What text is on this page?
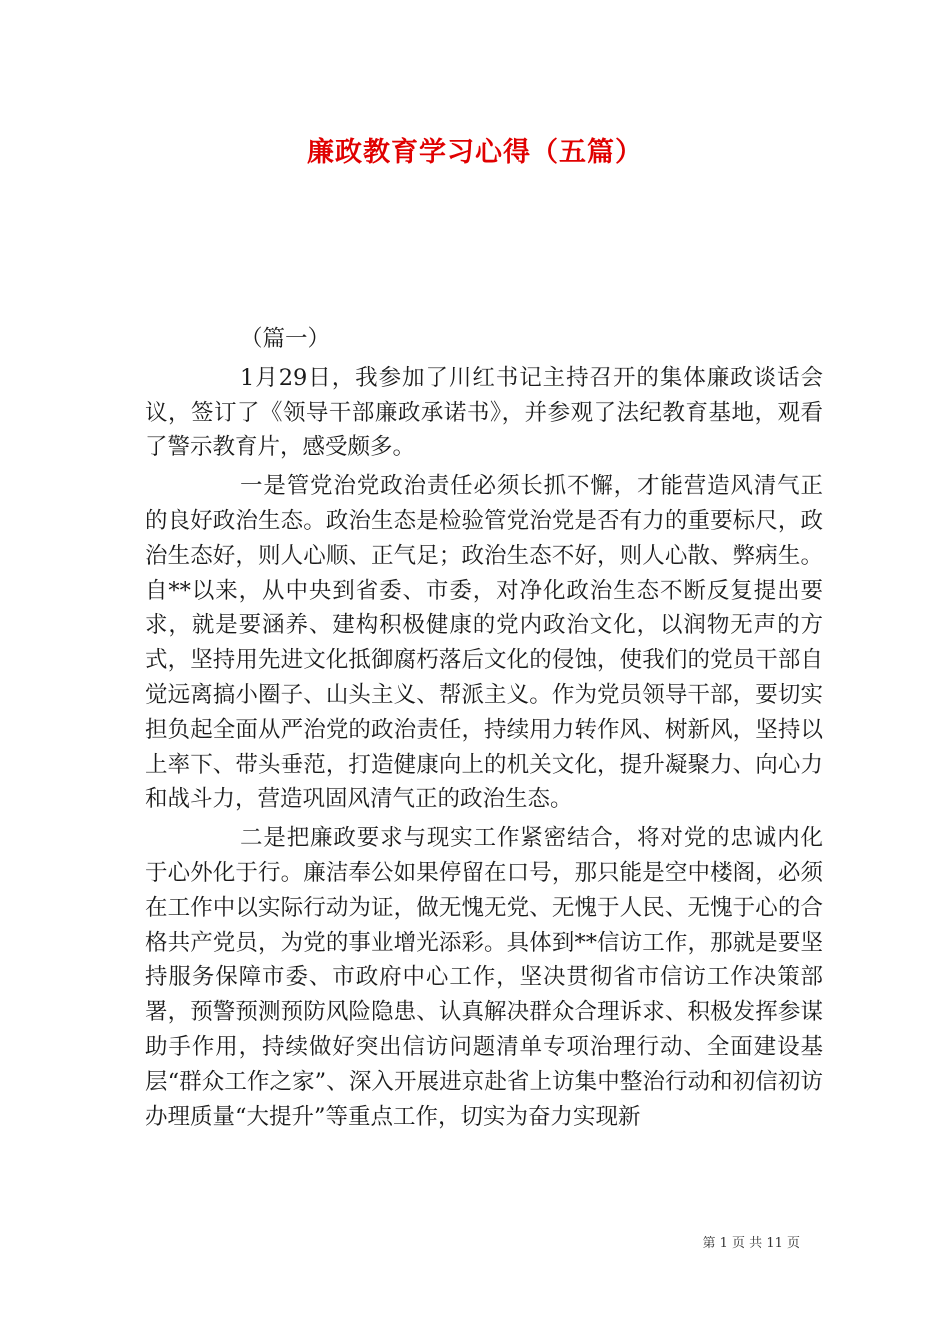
廉政教育学习心得（五篇）

（篇一）

1月29日，我参加了川红书记主持召开的集体廉政谈话会议，签订了《领导干部廉政承诺书》，并参观了法纪教育基地，观看了警示教育片，感受颇多。

一是管党治党政治责任必须长抓不懈，才能营造风清气正的良好政治生态。政治生态是检验管党治党是否有力的重要标尺，政治生态好，则人心顺、正气足；政治生态不好，则人心散、弊病生。自**以来，从中央到省委、市委，对净化政治生态不断反复提出要求，就是要涵养、建构积极健康的党内政治文化，以润物无声的方式，坚持用先进文化抵御腐朽落后文化的侵蚀，使我们的党员干部自觉远离搞小圈子、山头主义、帮派主义。作为党员领导干部，要切实担负起全面从严治党的政治责任，持续用力转作风、树新风，坚持以上率下、带头垂范，打造健康向上的机关文化，提升凝聚力、向心力和战斗力，营造巩固风清气正的政治生态。

二是把廉政要求与现实工作紧密结合，将对党的忠诚内化于心外化于行。廉洁奉公如果停留在口号，那只能是空中楼阁，必须在工作中以实际行动为证，做无愧无党、无愧于人民、无愧于心的合格共产党员，为党的事业增光添彩。具体到**信访工作，那就是要坚持服务保障市委、市政府中心工作，坚决贯彻省市信访工作决策部署，预警预测预防风险隐患、认真解决群众合理诉求、积极发挥参谋助手作用，持续做好突出信访问题清单专项治理行动、全面建设基层“群众工作之家”、深入开展进京赴省上访集中整治行动和初信初访办理质量“大提升”等重点工作，切实为奋力实现新

第 1 页 共 11 页
